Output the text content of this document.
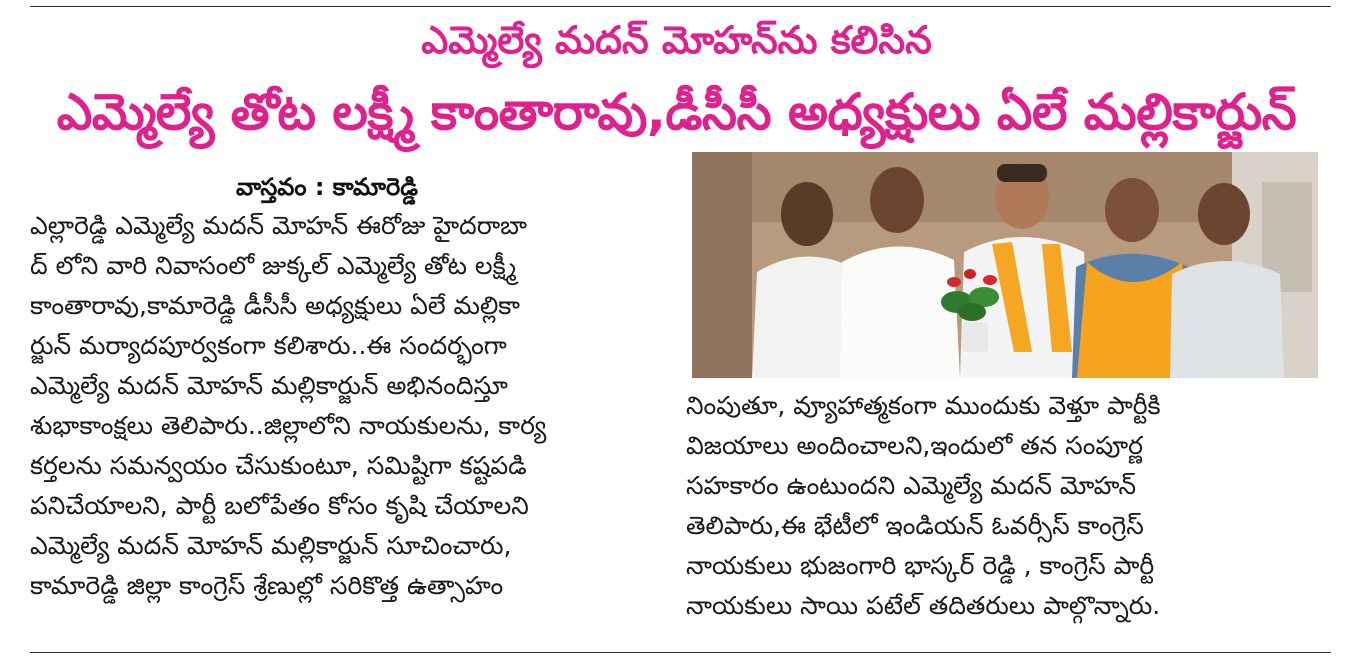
ఎమ్మెల్యే మదన్ మోహన్‌ను కలిసిన
ఎమ్మెల్యే తోట లక్ష్మీ కాంతారావు,డీసీసీ అధ్యక్షులు ఏలే మల్లికార్జున్
వాస్తవం : కామారెడ్డి
ఎల్లారెడ్డి ఎమ్మెల్యే మదన్ మోహన్ ఈరోజు హైదరాబా
ద్ లోని వారి నివాసంలో జుక్కల్ ఎమ్మెల్యే తోట లక్ష్మీ
కాంతారావు,కామారెడ్డి డీసీసీ అధ్యక్షులు ఏలే మల్లికా
ర్జున్ మర్యాదపూర్వకంగా కలిశారు..ఈ సందర్భంగా
ఎమ్మెల్యే మదన్ మోహన్ మల్లికార్జున్ అభినందిస్తూ
శుభాకాంక్షలు తెలిపారు..జిల్లాలోని నాయకులను, కార్య
కర్తలను సమన్వయం చేసుకుంటూ, సమిష్టిగా కష్టపడి
పనిచేయాలని, పార్టీ బలోపేతం కోసం కృషి చేయాలని
ఎమ్మెల్యే మదన్ మోహన్ మల్లికార్జున్ సూచించారు,
కామారెడ్డి జిల్లా కాంగ్రెస్ శ్రేణుల్లో సరికొత్త ఉత్సాహం
నింపుతూ, వ్యూహాత్మకంగా ముందుకు వెళ్తూ పార్టీకి
విజయాలు అందించాలని,ఇందులో తన సంపూర్ణ
సహకారం ఉంటుందని ఎమ్మెల్యే మదన్ మోహన్
తెలిపారు,ఈ భేటీలో ఇండియన్ ఓవర్సీస్ కాంగ్రెస్
నాయకులు భుజంగారి భాస్కర్ రెడ్డి , కాంగ్రెస్ పార్టీ
నాయకులు సాయి పటేల్ తదితరులు పాల్గొన్నారు.
